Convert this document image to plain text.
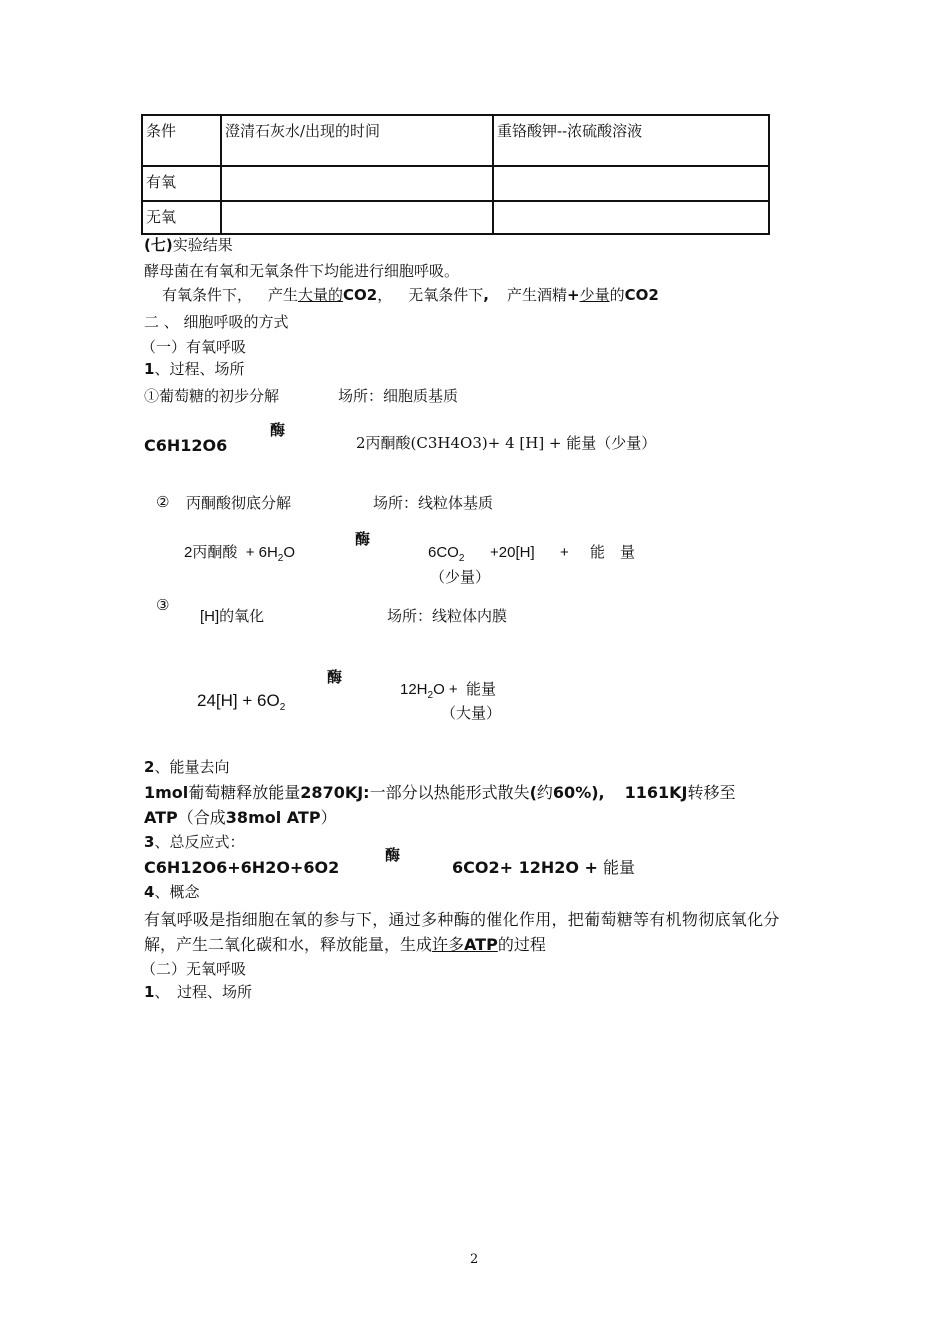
条件	澄清石灰水/出现的时间	重铬酸钾--浓硫酸溶液
有氧		
无氧		
(七)实验结果
酵母菌在有氧和无氧条件下均能进行细胞呼吸。
有氧条件下， 产生大量的CO2， 无氧条件下, 产生酒精+少量的CO2
二 、 细胞呼吸的方式
（一）有氧呼吸
1、过程、场所
①葡萄糖的初步分解	场所：细胞质基质
酶
C6H12O6	2丙酮酸(C3H4O3)+ 4 [H] + 能量（少量）
② 丙酮酸彻底分解	场所：线粒体基质
酶
2丙酮酸 + $6H_2O$	$6CO_2 +20[H]$ + 能　量
（少量）
③
[H]的氧化	场所：线粒体内膜
酶
$24[H] + 6O_2$
$12H_2O$ + 能量
（大量）
2、能量去向
1mol葡萄糖释放能量2870KJ:一部分以热能形式散失(约60%), 1161KJ转移至
ATP（合成38mol ATP）
3、总反应式：
酶
C6H12O6+6H2O+6O2	6CO2+ 12H2O + 能量
4、概念
有氧呼吸是指细胞在氧的参与下，通过多种酶的催化作用，把葡萄糖等有机物彻底氧化分
解，产生二氧化碳和水，释放能量，生成许多ATP的过程
（二）无氧呼吸
1、　过程、场所
2
